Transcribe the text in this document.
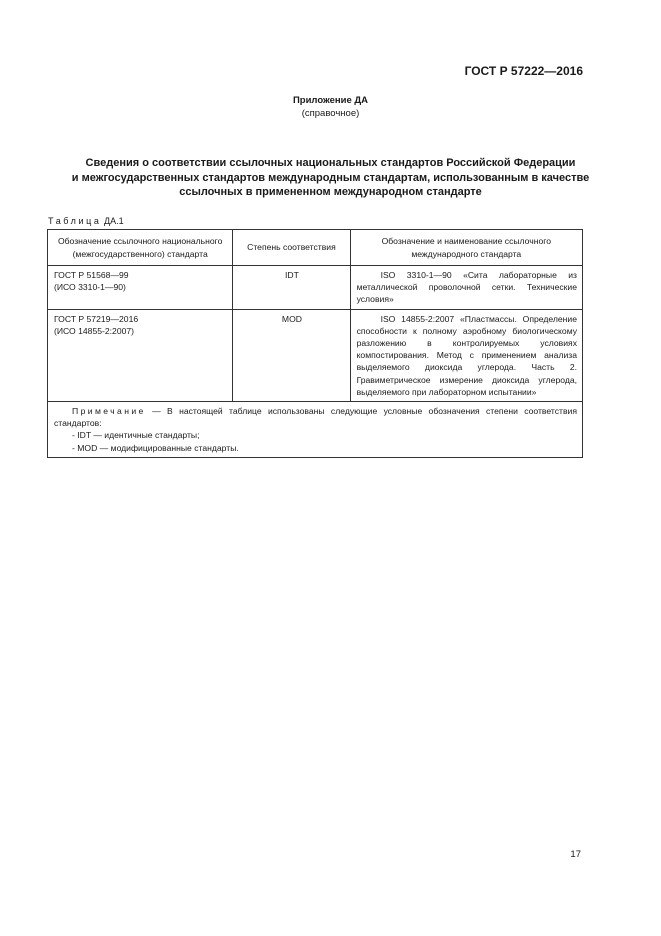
ГОСТ Р 57222—2016
Приложение ДА
(справочное)
Сведения о соответствии ссылочных национальных стандартов Российской Федерации
и межгосударственных стандартов международным стандартам, использованным в качестве
ссылочных в примененном международном стандарте
Таблица ДА.1
Обозначение ссылочного национального (межгосударственного) стандарта	Степень соответствия	Обозначение и наименование ссылочного международного стандарта

ГОСТ Р 51568—99
(ИСО 3310-1—90)	IDT	ISO 3310-1—90 «Сита лабораторные из металлической проволочной сетки. Технические условия»

ГОСТ Р 57219—2016
(ИСО 14855-2:2007)	MOD	ISO 14855-2:2007 «Пластмассы. Определение способности к полному аэробному биологическому разложению в контролируемых условиях компостирования. Метод с применением анализа выделяемого диоксида углерода. Часть 2. Гравиметрическое измерение диоксида углерода, выделяемого при лабораторном испытании»

Примечание — В настоящей таблице использованы следующие условные обозначения степени соответствия стандартов:
- IDT — идентичные стандарты;
- MOD — модифицированные стандарты.		
17
